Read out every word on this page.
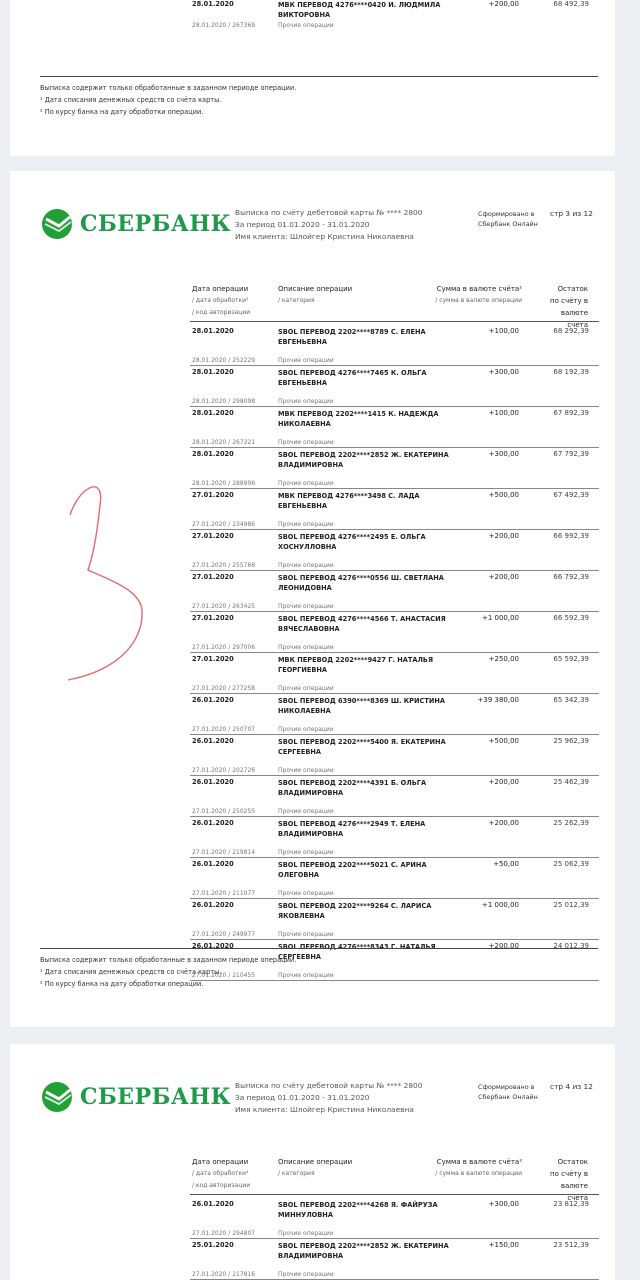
28.01.2020
28.01.2020 / 267369
МВК ПЕРЕВОД 4276****0420 И. ЛЮДМИЛА ВИКТОРОВНА
Прочие операции
+200,00	68 492,39
Выписка содержит только обработанные в заданном периоде операции.
¹ Дата списания денежных средств со счёта карты.
² По курсу банка на дату обработки операции.
СБЕРБАНК Выписка по счёту дебетовой карты № **** 2800
За период 01.01.2020 - 31.01.2020
Имя клиента: Шлойгер Кристина Николаевна
Сформировано в
Сбербанк Онлайн
стр 3 из 12
Дата операции
/ дата обработки¹
/ код авторизации
Описание операции
/ категория
Сумма в валюте счёта²
/ сумма в валюте операции
Остаток
по счёту в
валюте счёта
28.01.2020
28.01.2020 / 252229
SBOL ПЕРЕВОД 2202****8789 С. ЕЛЕНА ЕВГЕНЬЕВНА
Прочие операции
+100,00	68 292,39
28.01.2020
28.01.2020 / 298098
SBOL ПЕРЕВОД 4276****7465 К. ОЛЬГА ЕВГЕНЬЕВНА
Прочие операции
+300,00	68 192,39
28.01.2020
28.01.2020 / 267321
МВК ПЕРЕВОД 2202****1415 К. НАДЕЖДА НИКОЛАЕВНА
Прочие операции
+100,00	67 892,39
28.01.2020
28.01.2020 / 288906
SBOL ПЕРЕВОД 2202****2852 Ж. ЕКАТЕРИНА ВЛАДИМИРОВНА
Прочие операции
+300,00	67 792,39
27.01.2020
27.01.2020 / 234986
МВК ПЕРЕВОД 4276****3498 С. ЛАДА ЕВГЕНЬЕВНА
Прочие операции
+500,00	67 492,39
27.01.2020
27.01.2020 / 255768
SBOL ПЕРЕВОД 4276****2495 Е. ОЛЬГА ХОСНУЛЛОВНА
Прочие операции
+200,00	66 992,39
27.01.2020
27.01.2020 / 263425
SBOL ПЕРЕВОД 4276****0556 Ш. СВЕТЛАНА ЛЕОНИДОВНА
Прочие операции
+200,00	66 792,39
27.01.2020
27.01.2020 / 297006
SBOL ПЕРЕВОД 4276****4566 Т. АНАСТАСИЯ ВЯЧЕСЛАВОВНА
Прочие операции
+1 000,00	66 592,39
27.01.2020
27.01.2020 / 277258
МВК ПЕРЕВОД 2202****9427 Г. НАТАЛЬЯ ГЕОРГИЕВНА
Прочие операции
+250,00	65 592,39
26.01.2020
27.01.2020 / 250707
SBOL ПЕРЕВОД 6390****8369 Ш. КРИСТИНА НИКОЛАЕВНА
Прочие операции
+39 380,00	65 342,39
26.01.2020
27.01.2020 / 202726
SBOL ПЕРЕВОД 2202****5400 Я. ЕКАТЕРИНА СЕРГЕЕВНА
Прочие операции
+500,00	25 962,39
26.01.2020
27.01.2020 / 250255
SBOL ПЕРЕВОД 2202****4391 Б. ОЛЬГА ВЛАДИМИРОВНА
Прочие операции
+200,00	25 462,39
26.01.2020
27.01.2020 / 219814
SBOL ПЕРЕВОД 4276****2949 Т. ЕЛЕНА ВЛАДИМИРОВНА
Прочие операции
+200,00	25 262,39
26.01.2020
27.01.2020 / 211077
SBOL ПЕРЕВОД 2202****5021 С. АРИНА ОЛЕГОВНА
Прочие операции
+50,00	25 062,39
26.01.2020
27.01.2020 / 249977
SBOL ПЕРЕВОД 2202****9264 С. ЛАРИСА ЯКОВЛЕВНА
Прочие операции
+1 000,00	25 012,39
26.01.2020
27.01.2020 / 210455
SBOL ПЕРЕВОД 4276****8343 Г. НАТАЛЬЯ СЕРГЕЕВНА
Прочие операции
+200,00	24 012,39
Выписка содержит только обработанные в заданном периоде операции.
¹ Дата списания денежных средств со счёта карты.
² По курсу банка на дату обработки операции.
СБЕРБАНК Выписка по счёту дебетовой карты № **** 2800
За период 01.01.2020 - 31.01.2020
Имя клиента: Шлойгер Кристина Николаевна
Сформировано в
Сбербанк Онлайн
стр 4 из 12
Дата операции
/ дата обработки¹
/ код авторизации
Описание операции
/ категория
Сумма в валюте счёта²
/ сумма в валюте операции
Остаток
по счёту в
валюте счёта
26.01.2020
27.01.2020 / 294807
SBOL ПЕРЕВОД 2202****4268 Я. ФАЙРУЗА МИННУЛОВНА
Прочие операции
+300,00	23 812,39
25.01.2020
27.01.2020 / 217816
SBOL ПЕРЕВОД 2202****2852 Ж. ЕКАТЕРИНА ВЛАДИМИРОВНА
Прочие операции
+150,00	23 512,39
